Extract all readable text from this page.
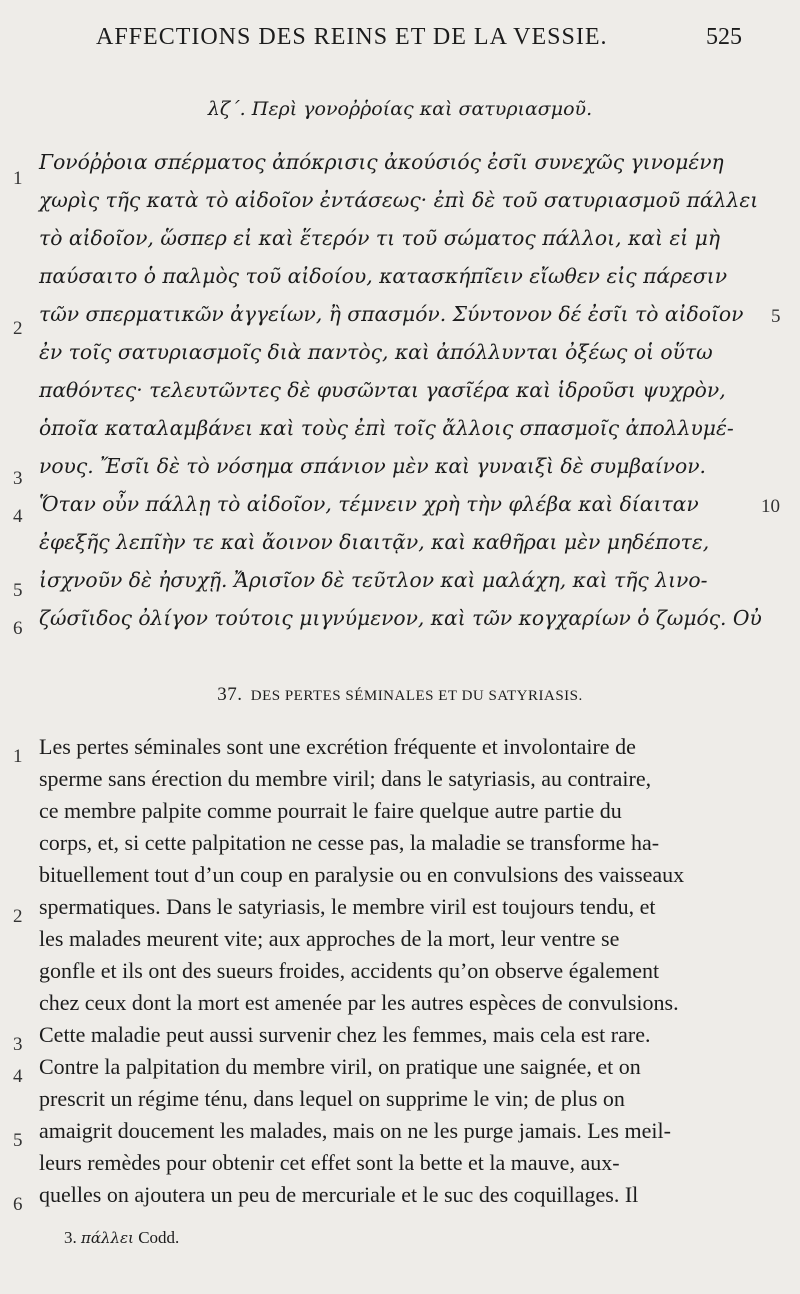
AFFECTIONS DES REINS ET DE LA VESSIE.	525
λζ΄. Περὶ γονοῤῥοίας καὶ σατυριασμοῦ.
Γονόῤῥοια σπέρματος ἀπόκρισις ἀκούσιός ἐσῖι συνεχῶς γινομένη
χωρὶς τῆς κατὰ τὸ αἰδοῖον ἐντάσεως· ἐπὶ δὲ τοῦ σατυριασμοῦ πάλλει
τὸ αἰδοῖον, ὥσπερ εἰ καὶ ἕτερόν τι τοῦ σώματος πάλλοι, καὶ εἰ μὴ
παύσαιτο ὁ παλμὸς τοῦ αἰδοίου, κατασκήπῖειν εἴωθεν εἰς πάρεσιν
τῶν σπερματικῶν ἀγγείων, ἢ σπασμόν. Σύντονον δέ ἐσῖι τὸ αἰδοῖον
ἐν τοῖς σατυριασμοῖς διὰ παντὸς, καὶ ἀπόλλυνται ὀξέως οἱ οὕτω
παθόντες· τελευτῶντες δὲ φυσῶνται γασῖέρα καὶ ἱδροῦσι ψυχρὸν,
ὁποῖα καταλαμβάνει καὶ τοὺς ἐπὶ τοῖς ἄλλοις σπασμοῖς ἀπολλυμέ-
νους. Ἔσῖι δὲ τὸ νόσημα σπάνιον μὲν καὶ γυναιξὶ δὲ συμβαίνον.
Ὅταν οὖν πάλλῃ τὸ αἰδοῖον, τέμνειν χρὴ τὴν φλέβα καὶ δίαιταν
ἐφεξῆς λεπῖὴν τε καὶ ἄοινον διαιτᾷν, καὶ καθῆραι μὲν μηδέποτε,
ἰσχνοῦν δὲ ἠσυχῇ. Ἄρισῖον δὲ τεῦτλον καὶ μαλάχη, καὶ τῆς λινο-
ζώσῖιδος ὀλίγον τούτοις μιγνύμενον, καὶ τῶν κογχαρίων ὁ ζωμός. Οὐ
1
2
3
4
5
6
5
10
37. DES PERTES SÉMINALES ET DU SATYRIASIS.
Les pertes séminales sont une excrétion fréquente et involontaire de
sperme sans érection du membre viril; dans le satyriasis, au contraire,
ce membre palpite comme pourrait le faire quelque autre partie du
corps, et, si cette palpitation ne cesse pas, la maladie se transforme ha-
bituellement tout d’un coup en paralysie ou en convulsions des vaisseaux
spermatiques. Dans le satyriasis, le membre viril est toujours tendu, et
les malades meurent vite; aux approches de la mort, leur ventre se
gonfle et ils ont des sueurs froides, accidents qu’on observe également
chez ceux dont la mort est amenée par les autres espèces de convulsions.
Cette maladie peut aussi survenir chez les femmes, mais cela est rare.
Contre la palpitation du membre viril, on pratique une saignée, et on
prescrit un régime ténu, dans lequel on supprime le vin; de plus on
amaigrit doucement les malades, mais on ne les purge jamais. Les meil-
leurs remèdes pour obtenir cet effet sont la bette et la mauve, aux-
quelles on ajoutera un peu de mercuriale et le suc des coquillages. Il
1
2
3
4
5
6
3. πάλλει Codd.
